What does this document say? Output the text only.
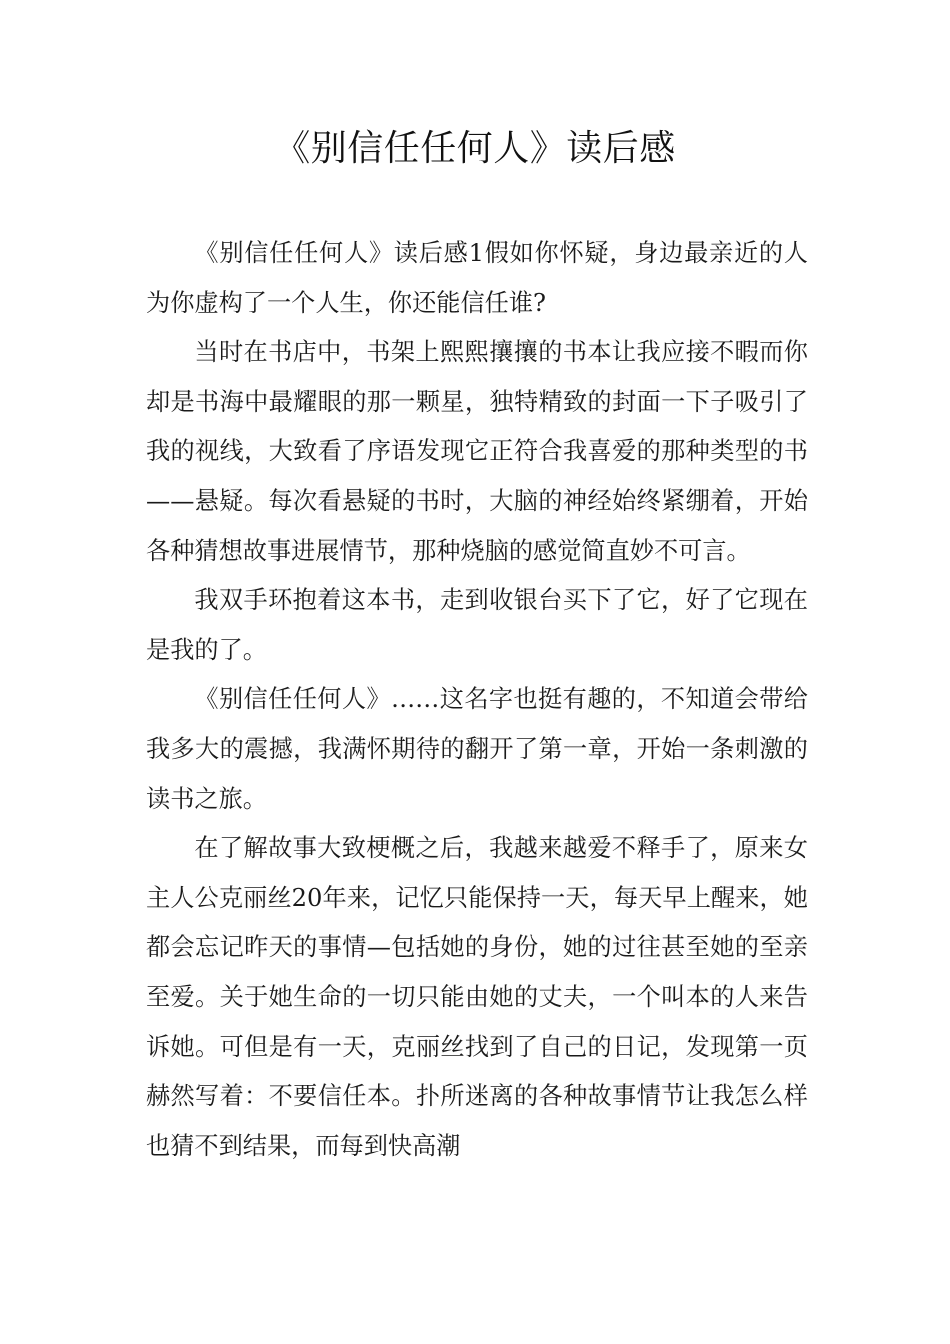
《别信任任何人》读后感

《别信任任何人》读后感1假如你怀疑，身边最亲近的人为你虚构了一个人生，你还能信任谁?

当时在书店中，书架上熙熙攘攘的书本让我应接不暇而你却是书海中最耀眼的那一颗星，独特精致的封面一下子吸引了我的视线，大致看了序语发现它正符合我喜爱的那种类型的书——悬疑。每次看悬疑的书时，大脑的神经始终紧绷着，开始各种猜想故事进展情节，那种烧脑的感觉简直妙不可言。

我双手环抱着这本书，走到收银台买下了它，好了它现在是我的了。

《别信任任何人》……这名字也挺有趣的，不知道会带给我多大的震撼，我满怀期待的翻开了第一章，开始一条刺激的读书之旅。

在了解故事大致梗概之后，我越来越爱不释手了，原来女主人公克丽丝20年来，记忆只能保持一天，每天早上醒来，她都会忘记昨天的事情—包括她的身份，她的过往甚至她的至亲至爱。关于她生命的一切只能由她的丈夫，一个叫本的人来告诉她。可但是有一天，克丽丝找到了自己的日记，发现第一页赫然写着：不要信任本。扑所迷离的各种故事情节让我怎么样也猜不到结果，而每到快高潮
